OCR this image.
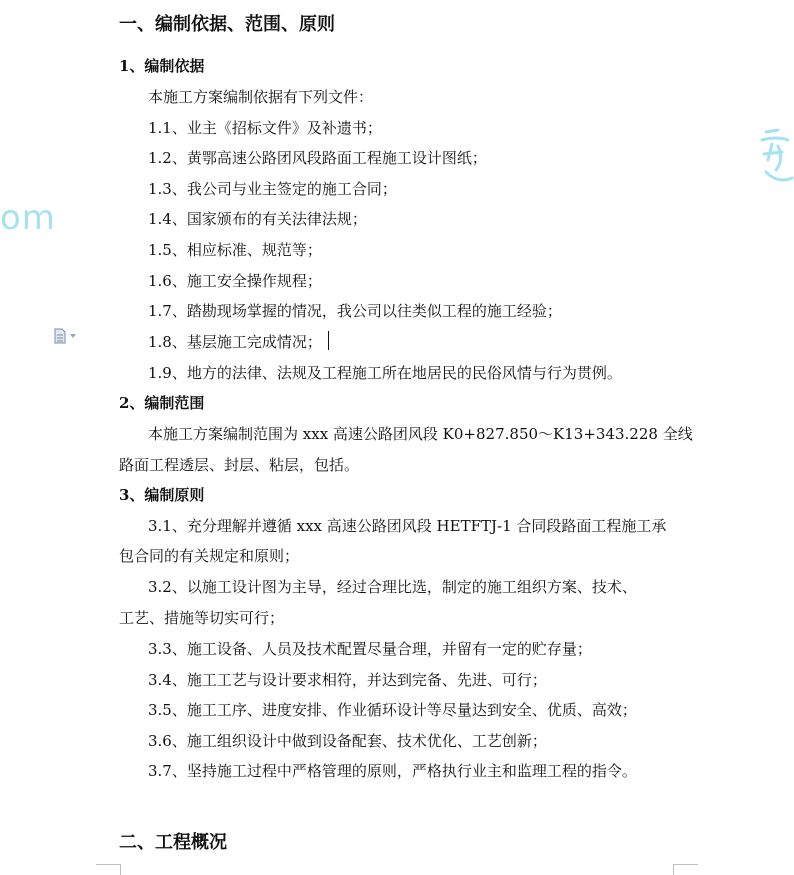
om
一、编制依据、范围、原则
1、编制依据
本施工方案编制依据有下列文件：
1.1、业主《招标文件》及补遗书；
1.2、黄鄂高速公路团风段路面工程施工设计图纸；
1.3、我公司与业主签定的施工合同；
1.4、国家颁布的有关法律法规；
1.5、相应标准、规范等；
1.6、施工安全操作规程；
1.7、踏勘现场掌握的情况，我公司以往类似工程的施工经验；
1.8、基层施工完成情况；
1.9、地方的法律、法规及工程施工所在地居民的民俗风情与行为贯例。
2、编制范围
本施工方案编制范围为 xxx 高速公路团风段 K0+827.850～K13+343.228 全线
路面工程透层、封层、粘层，包括。
3、编制原则
3.1、充分理解并遵循 xxx 高速公路团风段 HETFTJ-1 合同段路面工程施工承
包合同的有关规定和原则；
3.2、以施工设计图为主导，经过合理比选，制定的施工组织方案、技术、
工艺、措施等切实可行；
3.3、施工设备、人员及技术配置尽量合理，并留有一定的贮存量；
3.4、施工工艺与设计要求相符，并达到完备、先进、可行；
3.5、施工工序、进度安排、作业循环设计等尽量达到安全、优质、高效；
3.6、施工组织设计中做到设备配套、技术优化、工艺创新；
3.7、坚持施工过程中严格管理的原则，严格执行业主和监理工程的指令。
二、工程概况
